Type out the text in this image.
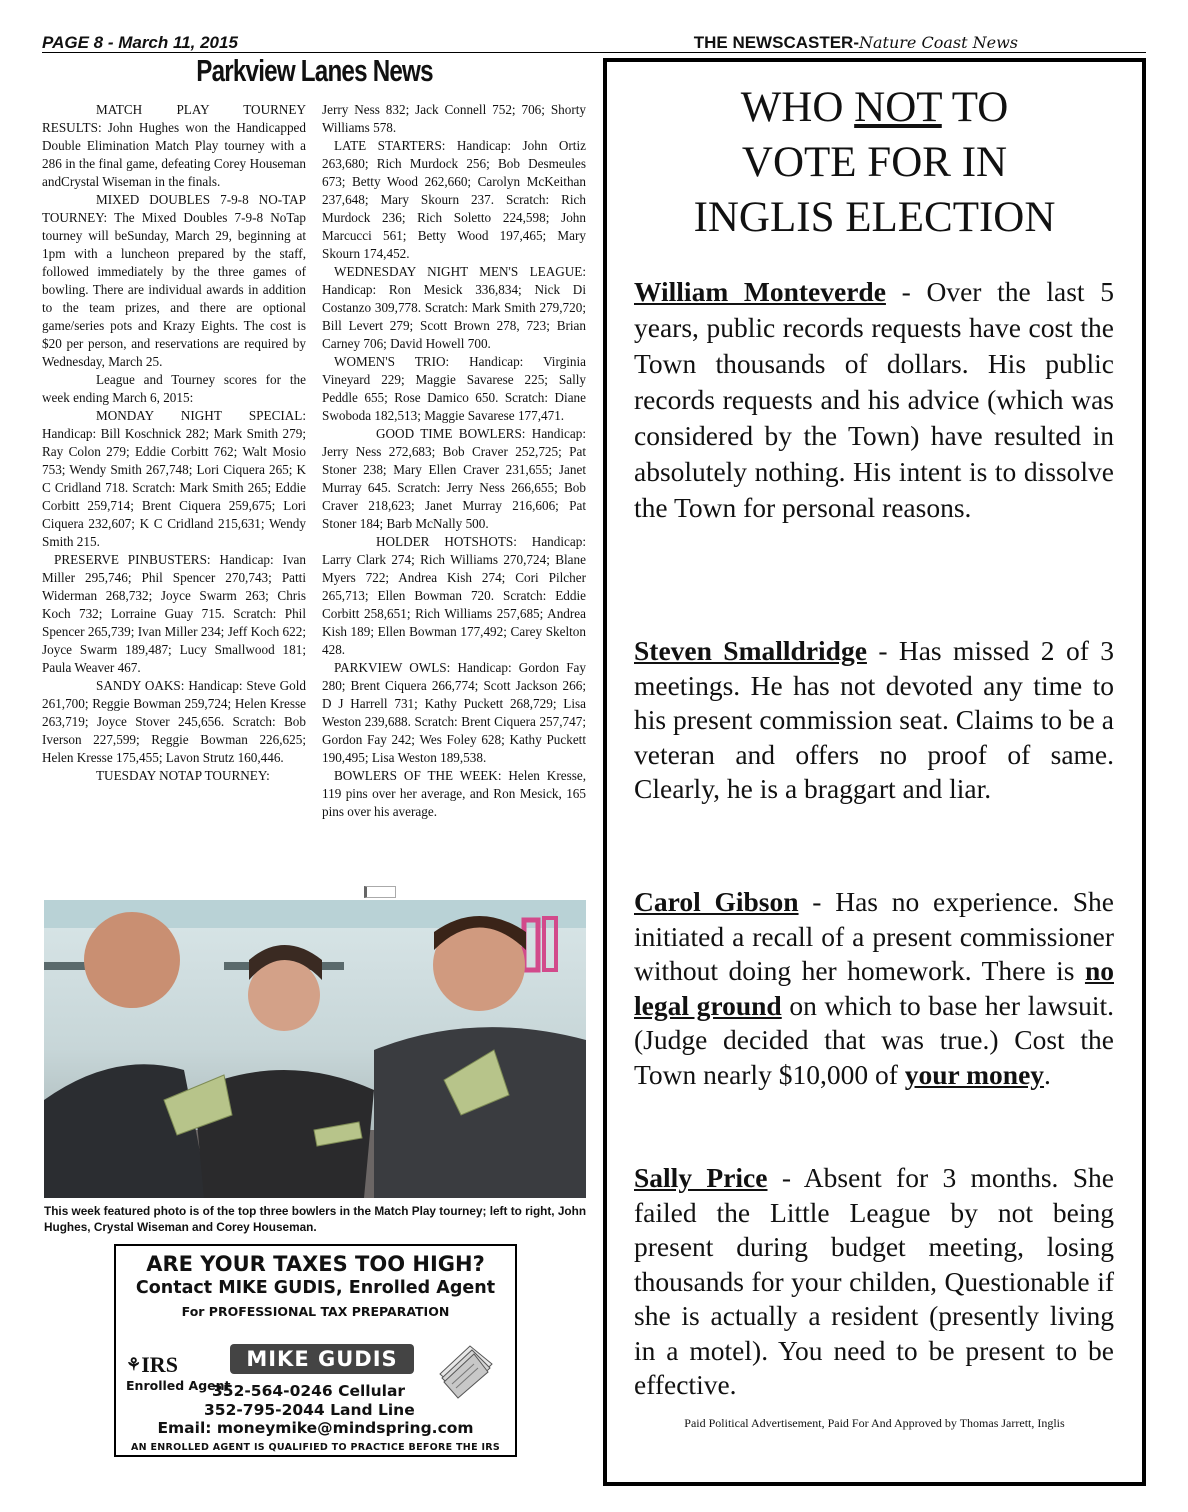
PAGE 8 - March 11, 2015	THE NEWSCASTER-Nature Coast News
Parkview Lanes News

MATCH PLAY TOURNEY RESULTS: John Hughes won the Handicapped Double Elimination Match Play tourney with a 286 in the final game, defeating Corey Houseman andCrystal Wiseman in the finals.

MIXED DOUBLES 7-9-8 NO-TAP TOURNEY: The Mixed Doubles 7-9-8 NoTap tourney will beSunday, March 29, beginning at 1pm with a luncheon prepared by the staff, followed immediately by the three games of bowling. There are individual awards in addition to the team prizes, and there are optional game/series pots and Krazy Eights. The cost is $20 per person, and reservations are required by Wednesday, March 25.

League and Tourney scores for the week ending March 6, 2015:

MONDAY NIGHT SPECIAL: Handicap: Bill Koschnick 282; Mark Smith 279; Ray Colon 279; Eddie Corbitt 762; Walt Mosio 753; Wendy Smith 267,748; Lori Ciquera 265; K C Cridland 718. Scratch: Mark Smith 265; Eddie Corbitt 259,714; Brent Ciquera 259,675; Lori Ciquera 232,607; K C Cridland 215,631; Wendy Smith 215.

PRESERVE PINBUSTERS: Handicap: Ivan Miller 295,746; Phil Spencer 270,743; Patti Widerman 268,732; Joyce Swarm 263; Chris Koch 732; Lorraine Guay 715. Scratch: Phil Spencer 265,739; Ivan Miller 234; Jeff Koch 622; Joyce Swarm 189,487; Lucy Smallwood 181; Paula Weaver 467.

SANDY OAKS: Handicap: Steve Gold 261,700; Reggie Bowman 259,724; Helen Kresse 263,719; Joyce Stover 245,656. Scratch: Bob Iverson 227,599; Reggie Bowman 226,625; Helen Kresse 175,455; Lavon Strutz 160,446.

TUESDAY NOTAP TOURNEY:

Jerry Ness 832; Jack Connell 752; 706; Shorty Williams 578.

LATE STARTERS: Handicap: John Ortiz 263,680; Rich Murdock 256; Bob Desmeules 673; Betty Wood 262,660; Carolyn McKeithan 237,648; Mary Skourn 237. Scratch: Rich Murdock 236; Rich Soletto 224,598; John Marcucci 561; Betty Wood 197,465; Mary Skourn 174,452.

WEDNESDAY NIGHT MEN'S LEAGUE: Handicap: Ron Mesick 336,834; Nick Di Costanzo 309,778. Scratch: Mark Smith 279,720; Bill Levert 279; Scott Brown 278, 723; Brian Carney 706; David Howell 700.

WOMEN'S TRIO: Handicap: Virginia Vineyard 229; Maggie Savarese 225; Sally Peddle 655; Rose Damico 650. Scratch: Diane Swoboda 182,513; Maggie Savarese 177,471.

GOOD TIME BOWLERS: Handicap: Jerry Ness 272,683; Bob Craver 252,725; Pat Stoner 238; Mary Ellen Craver 231,655; Janet Murray 645. Scratch: Jerry Ness 266,655; Bob Craver 218,623; Janet Murray 216,606; Pat Stoner 184; Barb McNally 500.

HOLDER HOTSHOTS: Handicap: Larry Clark 274; Rich Williams 270,724; Blane Myers 722; Andrea Kish 274; Cori Pilcher 265,713; Ellen Bowman 720. Scratch: Eddie Corbitt 258,651; Rich Williams 257,685; Andrea Kish 189; Ellen Bowman 177,492; Carey Skelton 428.

PARKVIEW OWLS: Handicap: Gordon Fay 280; Brent Ciquera 266,774; Scott Jackson 266; D J Harrell 731; Kathy Puckett 268,729; Lisa Weston 239,688. Scratch: Brent Ciquera 257,747; Gordon Fay 242; Wes Foley 628; Kathy Puckett 190,495; Lisa Weston 189,538.

BOWLERS OF THE WEEK: Helen Kresse, 119 pins over her average, and Ron Mesick, 165 pins over his average.

This week featured photo is of the top three bowlers in the Match Play tourney; left to right, John Hughes, Crystal Wiseman and Corey Houseman.
ARE YOUR TAXES TOO HIGH?
Contact MIKE GUDIS, Enrolled Agent
For PROFESSIONAL TAX PREPARATION
⚘IRS
Enrolled Agent
MIKE GUDIS
352-564-0246 Cellular
352-795-2044 Land Line
Email: moneymike@mindspring.com
AN ENROLLED AGENT IS QUALIFIED TO PRACTICE BEFORE THE IRS
WHO NOT TO
VOTE FOR IN
INGLIS ELECTION
William Monteverde - Over the last 5 years, public records requests have cost the Town thousands of dollars. His public records requests and his advice (which was considered by the Town) have resulted in absolutely nothing. His intent is to dissolve the Town for personal reasons.
Steven Smalldridge - Has missed 2 of 3 meetings. He has not devoted any time to his present commission seat. Claims to be a veteran and offers no proof of same. Clearly, he is a braggart and liar.
Carol Gibson - Has no experience. She initiated a recall of a present commissioner without doing her homework. There is no legal ground on which to base her lawsuit. (Judge decided that was true.) Cost the Town nearly $10,000 of your money.
Sally Price - Absent for 3 months. She failed the Little League by not being present during budget meeting, losing thousands for your childen, Questionable if she is actually a resident (presently living in a motel). You need to be present to be effective.
Paid Political Advertisement, Paid For And Approved by Thomas Jarrett, Inglis
